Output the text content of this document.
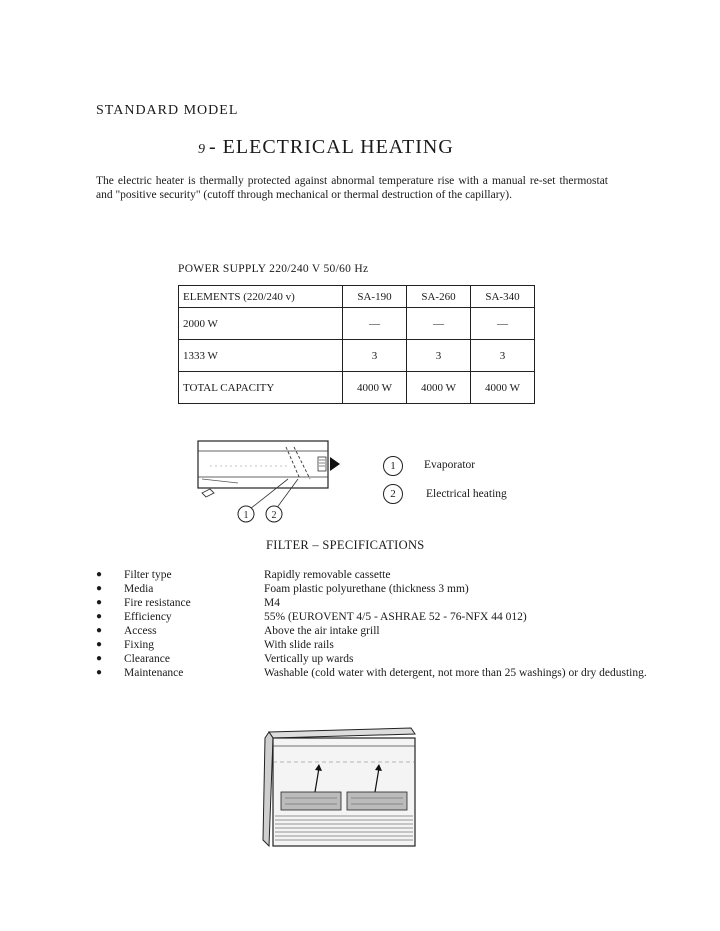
STANDARD MODEL
9 - ELECTRICAL HEATING
The electric heater is thermally protected against abnormal temperature rise with a manual re-set thermostat and "positive security" (cutoff through mechanical or thermal destruction of the capillary).
POWER SUPPLY 220/240 V 50/60 Hz
ELEMENTS (220/240 v)	SA-190	SA-260	SA-340
2000 W	—	—	—
1333 W	3	3	3
TOTAL CAPACITY	4000 W	4000 W	4000 W
1 2
1	Evaporator
2	Electrical heating
FILTER – SPECIFICATIONS
● Filter type	Rapidly removable cassette
● Media	Foam plastic polyurethane (thickness 3 mm)
● Fire resistance	M4
● Efficiency	55% (EUROVENT 4/5 - ASHRAE 52 - 76-NFX 44 012)
● Access	Above the air intake grill
● Fixing	With slide rails
● Clearance	Vertically up wards
● Maintenance	Washable (cold water with detergent, not more than 25 washings) or dry dedusting.
